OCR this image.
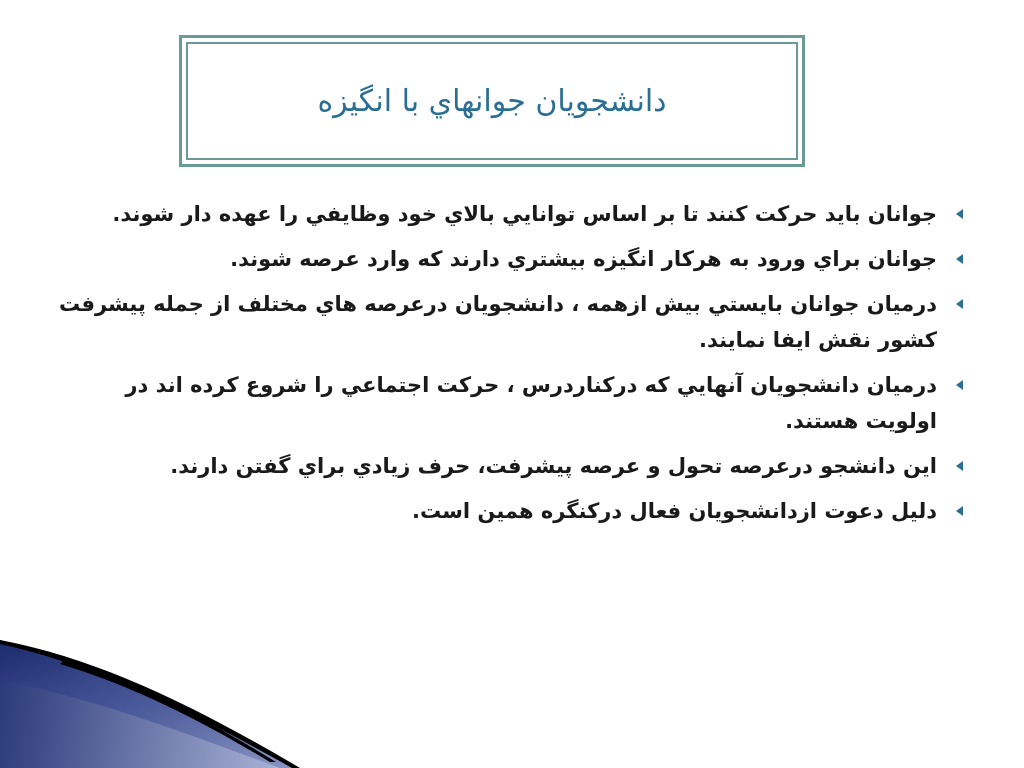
دانشجويان جوانهاي با انگيزه
جوانان بايد حرکت کنند تا بر اساس توانايي بالاي خود وظايفي را عهده دار شوند.
جوانان براي ورود به هرکار انگيزه بيشتري دارند که وارد عرصه شوند.
درميان جوانان بايستي بيش ازهمه ، دانشجويان درعرصه هاي مختلف از جمله پيشرفت کشور نقش ايفا نمايند.
درميان دانشجويان آنهايي که درکناردرس ، حرکت اجتماعي را شروع کرده اند در اولويت هستند.
اين دانشجو درعرصه تحول و عرصه پيشرفت، حرف زيادي براي گفتن دارند.
دليل دعوت ازدانشجويان فعال درکنگره همين است.
